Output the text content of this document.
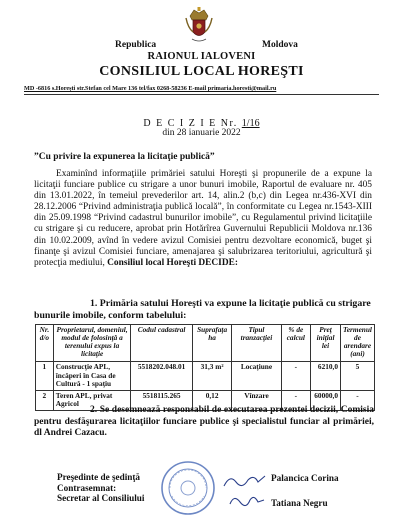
Republica	Moldova
RAIONUL IALOVENI
CONSILIUL LOCAL HOREŞTI
MD -6816 s.Horeşti str.Stefan cel Mare 136 tel/fax 0268-58236 E-mail primaria.horesti@mail.ru
D E C I Z I E Nr. 1/16
din 28 ianuarie 2022
”Cu privire la expunerea la licitaţie publică”
Examinînd informaţiile primăriei satului Horeşti şi propunerile de a expune la licitaţii funciare publice cu strigare a unor bunuri imobile, Raportul de evaluare nr. 405 din 13.01.2022, în temeiul prevederilor art. 14, alin.2 (b,c) din Legea nr.436-XVI din 28.12.2006 “Privind administraţia publică locală”, în conformitate cu Legea nr.1543-XIII din 25.09.1998 “Privind cadastrul bunurilor imobile”, cu Regulamentul privind licitaţiile cu strigare şi cu reducere, aprobat prin Hotărîrea Guvernului Republicii Moldova nr.136 din 10.02.2009, avînd în vedere avizul Comisiei pentru dezvoltare economică, buget şi finanţe şi avizul Comisiei funciare, amenajarea şi salubrizarea teritoriului, agricultură şi protecţia mediului, Consiliul local Horeşti DECIDE:
1. Primăria satului Horeşti va expune la licitaţie publică cu strigare bunurile imobile, conform tabelului:
Nr. d/o	Proprietarul, domeniul, modul de folosinţă a terenului expus la licitaţie	Codul cadastral	Suprafaţa ha	Tipul tranzacţiei	% de calcul	Preţ iniţial lei	Termenul de arendare (ani)
1	Construcţie APL, încăperi în Casa de Cultură - 1 spaţiu	5518202.048.01	31,3 m²	Locaţiune	-	6210,0	5
2	Teren APL, privat Agricol	5518115.265	0,12	Vînzare	-	60000,0	-
2. Se desemnează responsabil de executarea prezentei decizii, Comisia pentru desfăşurarea licitaţiilor funciare publice şi specialistul funciar al primăriei, dl Andrei Cazacu.
Preşedinte de şedinţă
Contrasemnat:
Secretar al Consiliului
Palancica Corina
Tatiana Negru
